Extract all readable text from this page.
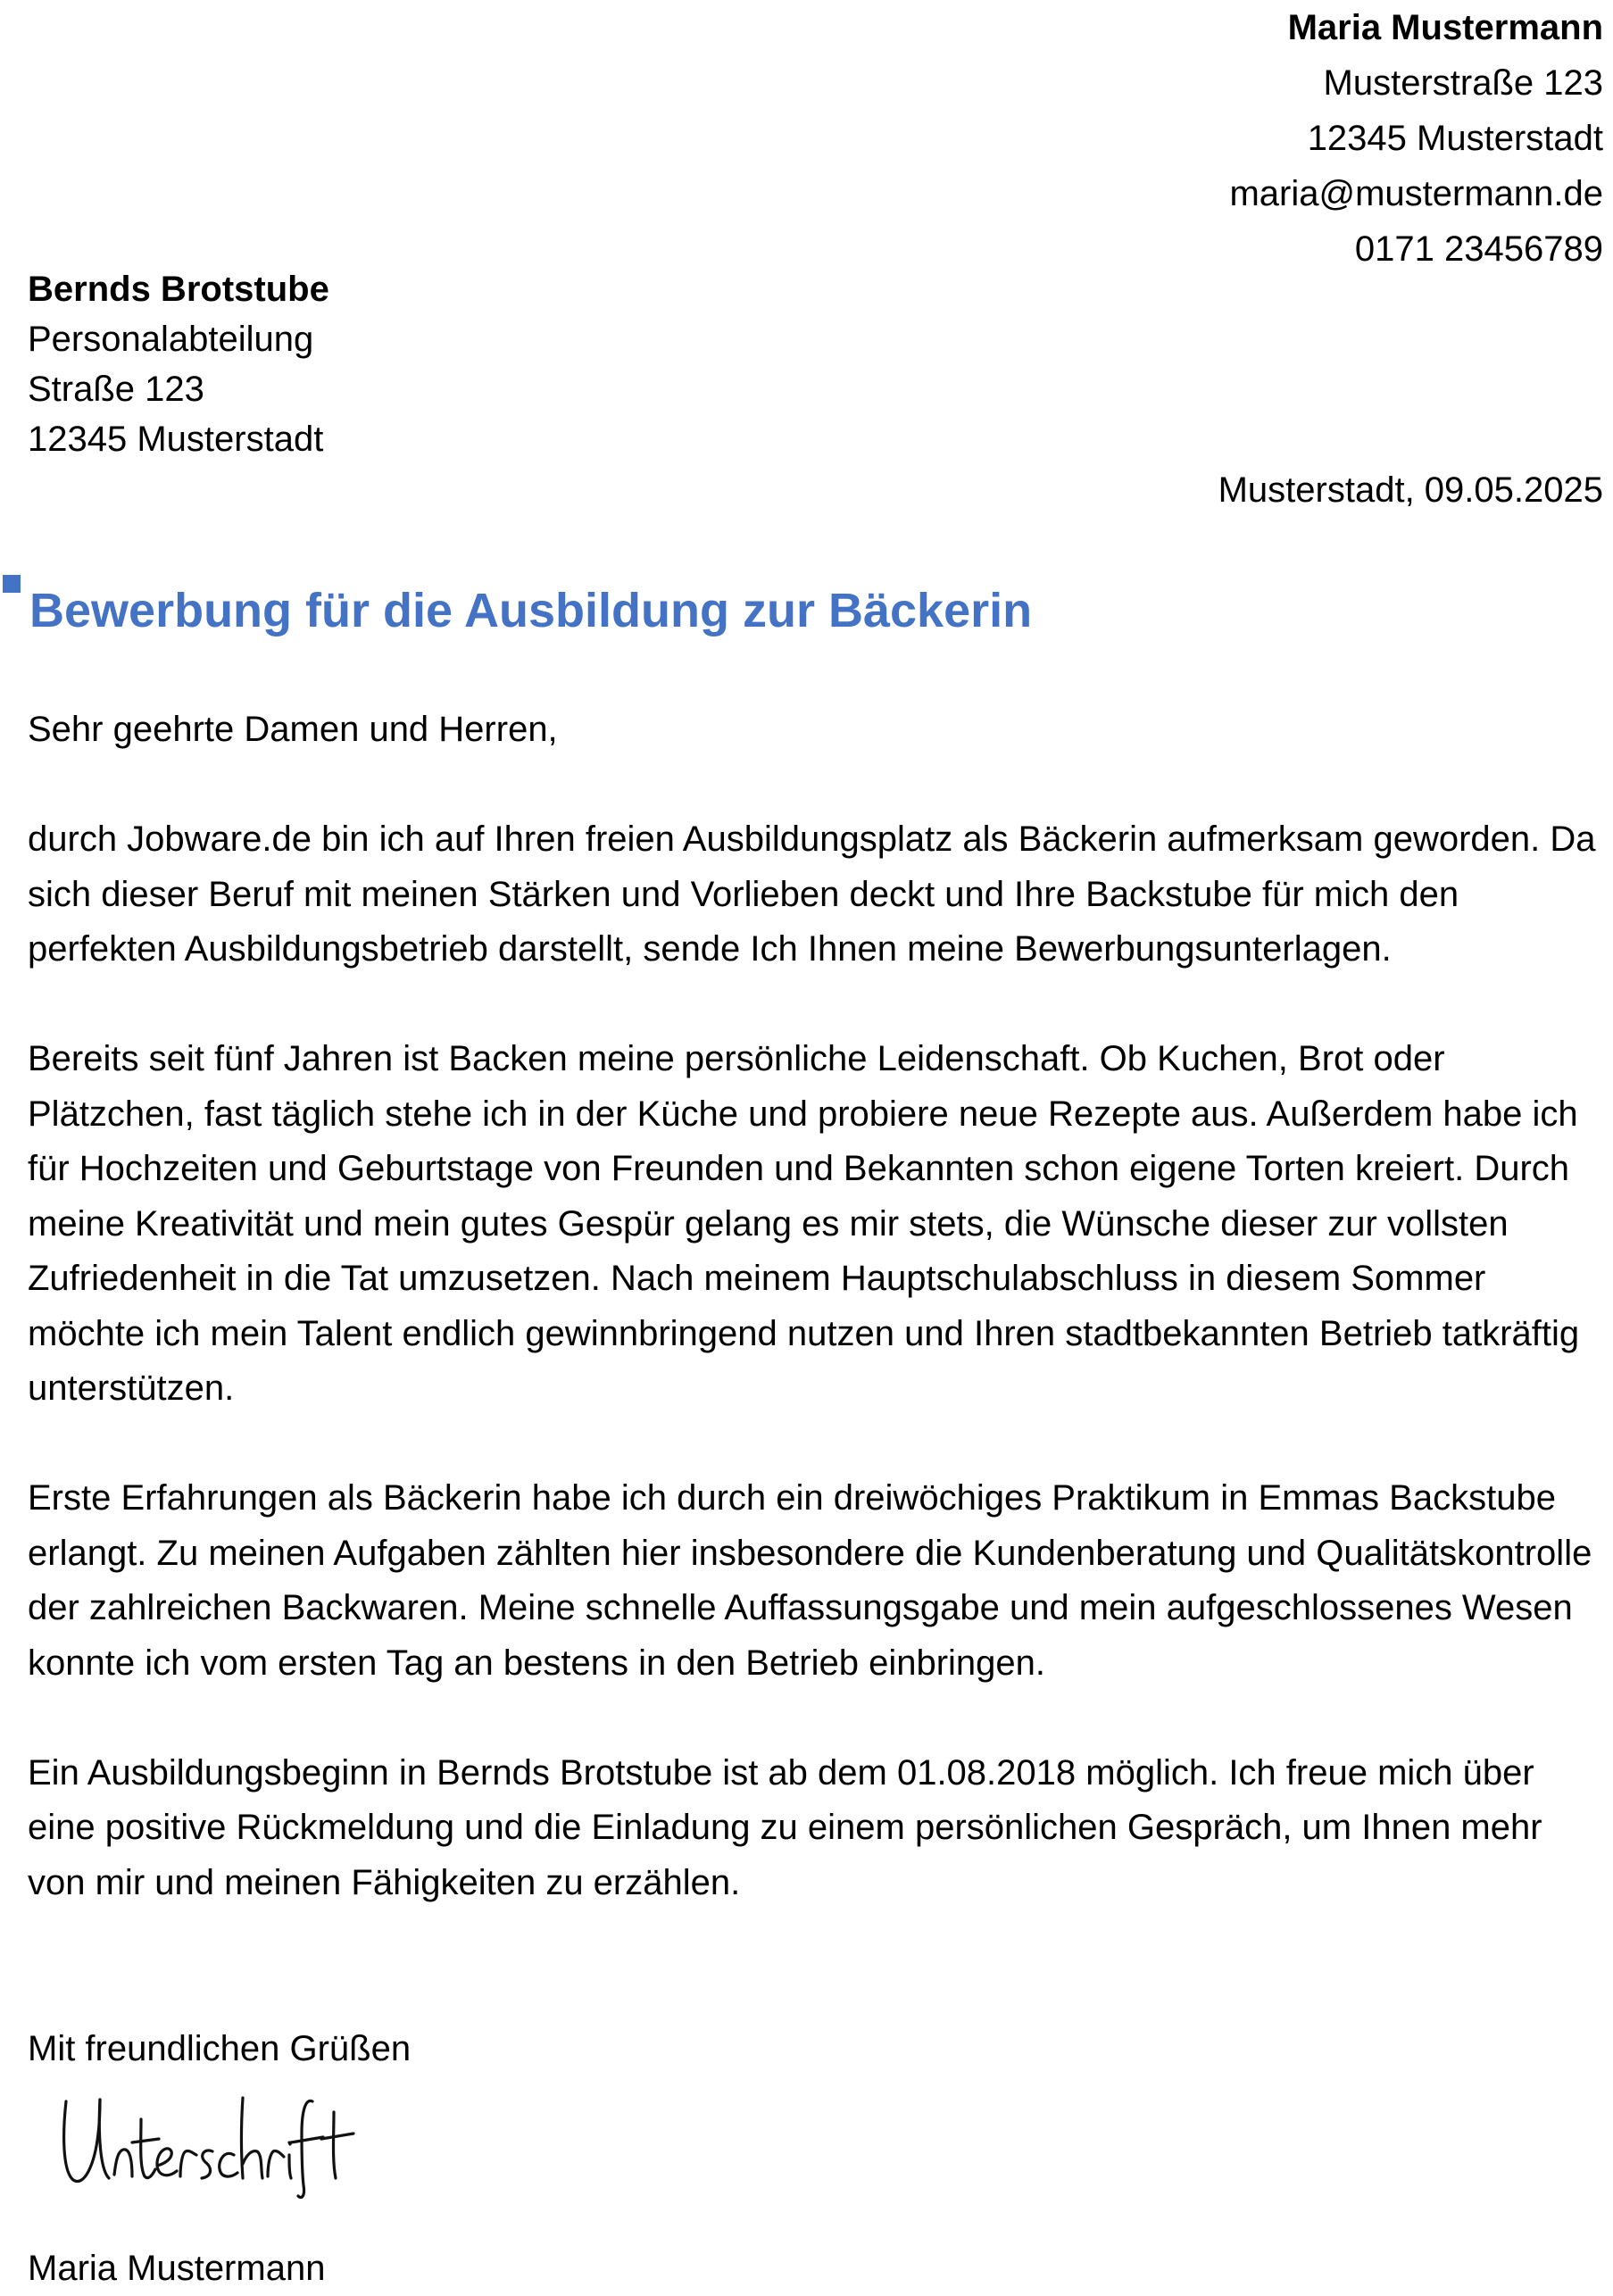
Maria Mustermann
Musterstraße 123
12345 Musterstadt
maria@mustermann.de
0171 23456789
Bernds Brotstube
Personalabteilung
Straße 123
12345 Musterstadt
Musterstadt, 09.05.2025
Bewerbung für die Ausbildung zur Bäckerin

Sehr geehrte Damen und Herren,

durch Jobware.de bin ich auf Ihren freien Ausbildungsplatz als Bäckerin aufmerksam geworden. Da sich dieser Beruf mit meinen Stärken und Vorlieben deckt und Ihre Backstube für mich den perfekten Ausbildungsbetrieb darstellt, sende Ich Ihnen meine Bewerbungsunterlagen.

Bereits seit fünf Jahren ist Backen meine persönliche Leidenschaft. Ob Kuchen, Brot oder Plätzchen, fast täglich stehe ich in der Küche und probiere neue Rezepte aus. Außerdem habe ich für Hochzeiten und Geburtstage von Freunden und Bekannten schon eigene Torten kreiert. Durch meine Kreativität und mein gutes Gespür gelang es mir stets, die Wünsche dieser zur vollsten Zufriedenheit in die Tat umzusetzen. Nach meinem Hauptschulabschluss in diesem Sommer möchte ich mein Talent endlich gewinnbringend nutzen und Ihren stadtbekannten Betrieb tatkräftig unterstützen.

Erste Erfahrungen als Bäckerin habe ich durch ein dreiwöchiges Praktikum in Emmas Backstube erlangt. Zu meinen Aufgaben zählten hier insbesondere die Kundenberatung und Qualitätskontrolle der zahlreichen Backwaren. Meine schnelle Auffassungsgabe und mein aufgeschlossenes Wesen konnte ich vom ersten Tag an bestens in den Betrieb einbringen.

Ein Ausbildungsbeginn in Bernds Brotstube ist ab dem 01.08.2018 möglich. Ich freue mich über eine positive Rückmeldung und die Einladung zu einem persönlichen Gespräch, um Ihnen mehr von mir und meinen Fähigkeiten zu erzählen.

Mit freundlichen Grüßen
Maria Mustermann
